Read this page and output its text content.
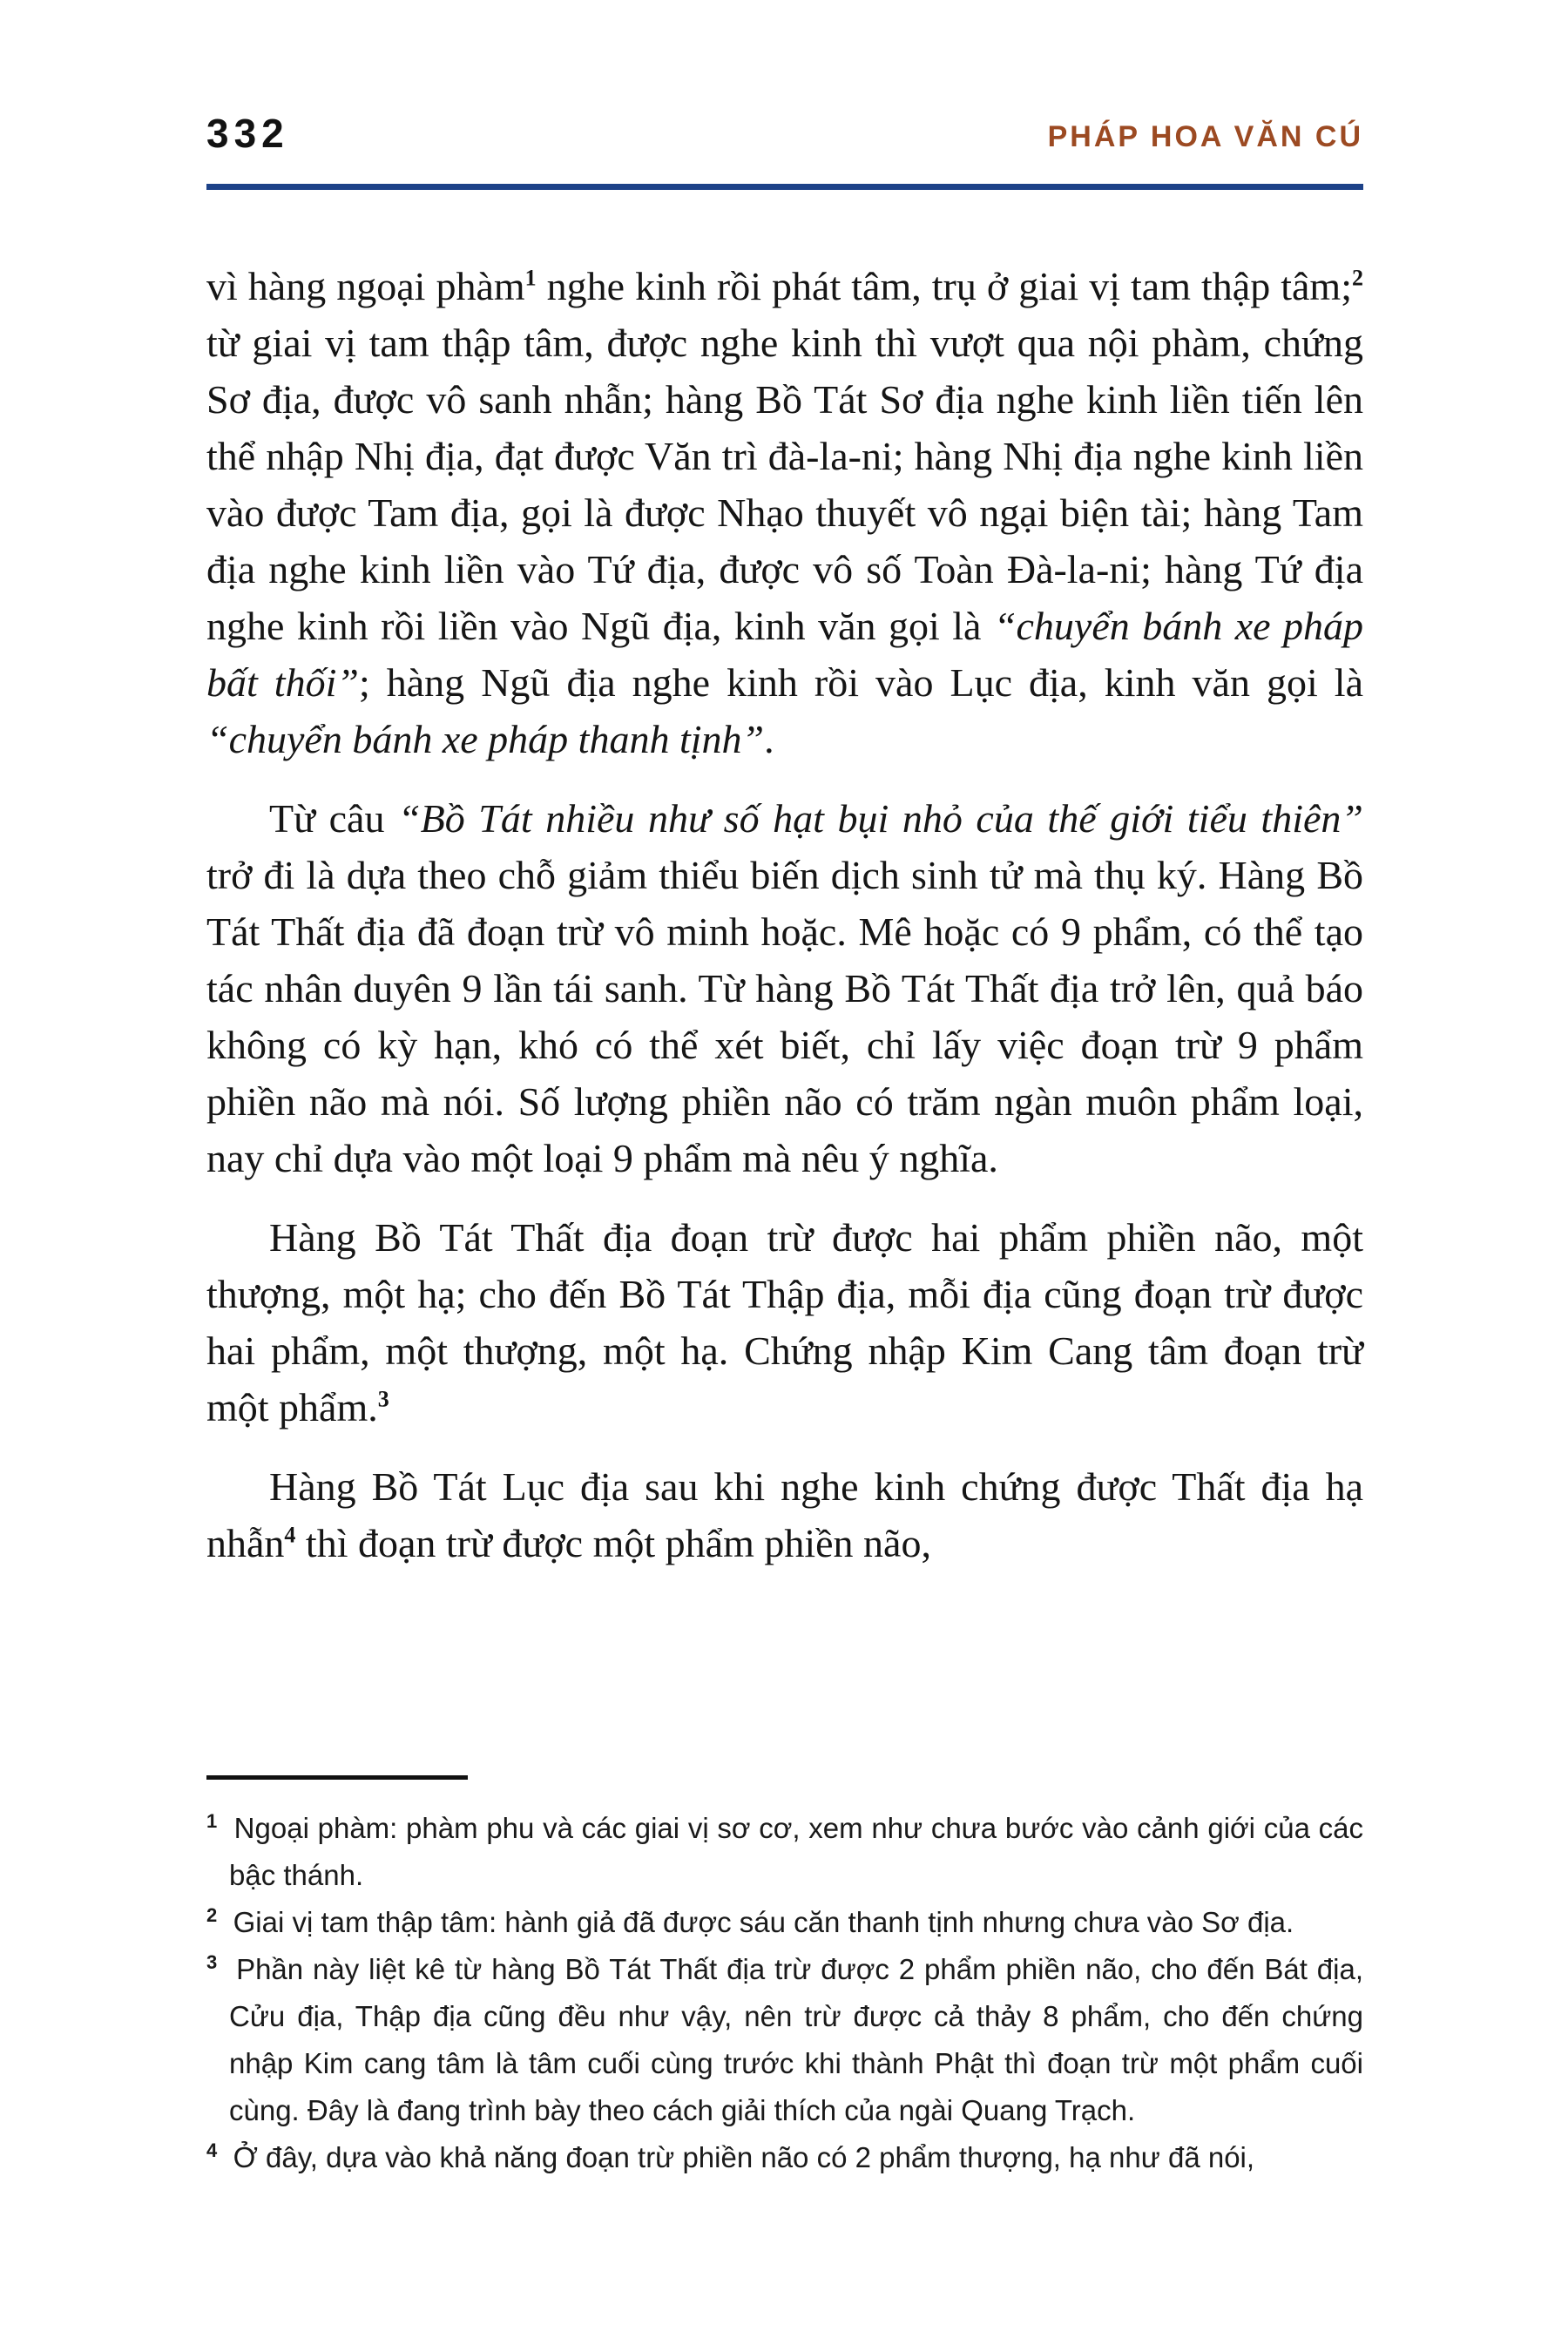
332	PHÁP HOA VĂN CÚ

vì hàng ngoại phàm$^1$ nghe kinh rồi phát tâm, trụ ở giai vị tam thập tâm;$^2$ từ giai vị tam thập tâm, được nghe kinh thì vượt qua nội phàm, chứng Sơ địa, được vô sanh nhẫn; hàng Bồ Tát Sơ địa nghe kinh liền tiến lên thể nhập Nhị địa, đạt được Văn trì đà-la-ni; hàng Nhị địa nghe kinh liền vào được Tam địa, gọi là được Nhạo thuyết vô ngại biện tài; hàng Tam địa nghe kinh liền vào Tứ địa, được vô số Toàn Đà-la-ni; hàng Tứ địa nghe kinh rồi liền vào Ngũ địa, kinh văn gọi là “chuyển bánh xe pháp bất thối”; hàng Ngũ địa nghe kinh rồi vào Lục địa, kinh văn gọi là “chuyển bánh xe pháp thanh tịnh”.

Từ câu “Bồ Tát nhiều như số hạt bụi nhỏ của thế giới tiểu thiên” trở đi là dựa theo chỗ giảm thiểu biến dịch sinh tử mà thụ ký. Hàng Bồ Tát Thất địa đã đoạn trừ vô minh hoặc. Mê hoặc có 9 phẩm, có thể tạo tác nhân duyên 9 lần tái sanh. Từ hàng Bồ Tát Thất địa trở lên, quả báo không có kỳ hạn, khó có thể xét biết, chỉ lấy việc đoạn trừ 9 phẩm phiền não mà nói. Số lượng phiền não có trăm ngàn muôn phẩm loại, nay chỉ dựa vào một loại 9 phẩm mà nêu ý nghĩa.

Hàng Bồ Tát Thất địa đoạn trừ được hai phẩm phiền não, một thượng, một hạ; cho đến Bồ Tát Thập địa, mỗi địa cũng đoạn trừ được hai phẩm, một thượng, một hạ. Chứng nhập Kim Cang tâm đoạn trừ một phẩm.$^3$

Hàng Bồ Tát Lục địa sau khi nghe kinh chứng được Thất địa hạ nhẫn$^4$ thì đoạn trừ được một phẩm phiền não,

$^1$  Ngoại phàm: phàm phu và các giai vị sơ cơ, xem như chưa bước vào cảnh giới của các bậc thánh.
$^2$  Giai vị tam thập tâm: hành giả đã được sáu căn thanh tịnh nhưng chưa vào Sơ địa.
$^3$  Phần này liệt kê từ hàng Bồ Tát Thất địa trừ được 2 phẩm phiền não, cho đến Bát địa, Cửu địa, Thập địa cũng đều như vậy, nên trừ được cả thảy 8 phẩm, cho đến chứng nhập Kim cang tâm là tâm cuối cùng trước khi thành Phật thì đoạn trừ một phẩm cuối cùng. Đây là đang trình bày theo cách giải thích của ngài Quang Trạch.
$^4$  Ở đây, dựa vào khả năng đoạn trừ phiền não có 2 phẩm thượng, hạ như đã nói,
